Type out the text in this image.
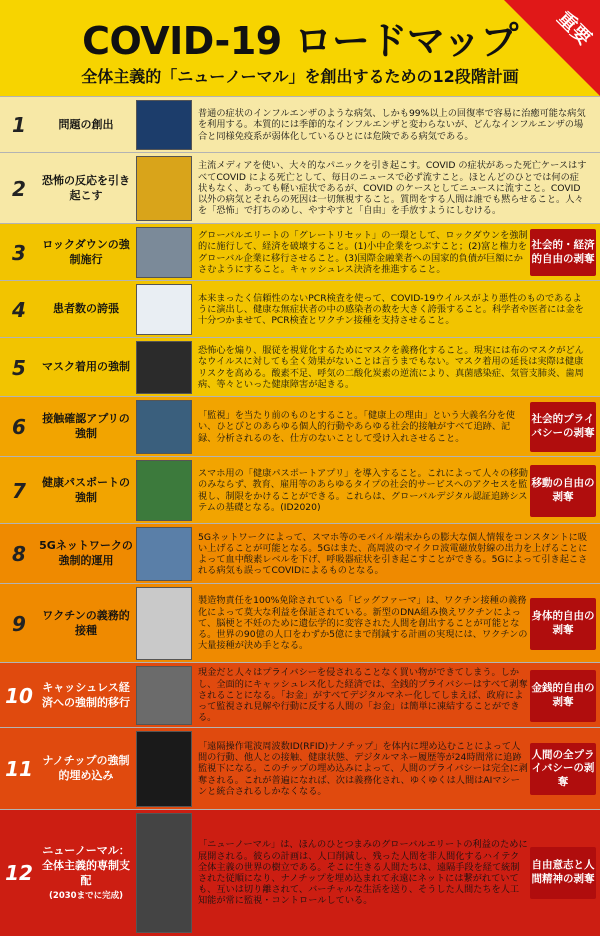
COVID-19 ロードマップ
全体主義的「ニューノーマル」を創出するための12段階計画
重要
1	問題の創出
普通の症状のインフルエンザのような病気、しかも99%以上の回復率で容易に治癒可能な病気を利用する。本質的には季節的なインフルエンザと変わらないが、どんなインフルエンザの場合と同様免疫系が弱体化しているひとには危険である病気である。
2	恐怖の反応を引き起こす
主流メディアを使い、大々的なパニックを引き起こす。COVID の症状があった死亡ケースはすべてCOVID による死亡として、毎日のニュースで必ず流すこと。ほとんどのひとでは何の症状もなく、あっても軽い症状であるが、COVID のケースとしてニュースに流すこと。COVID 以外の病気とそれらの死因は一切無視すること。質問をする人間は誰でも黙らせること。人々を「恐怖」で打ちのめし、やすやすと「自由」を手放すようにしむける。
3	ロックダウンの強制施行
グローバルエリートの「グレートリセット」の一環として、ロックダウンを強制的に施行して、経済を破壊すること。(1)小中企業をつぶすこと；(2)富と権力をグローバル企業に移行させること。(3)国際金融業者への国家的負債が巨額にかさむようにすること。キャッシュレス決済を推進すること。
社会的・経済的自由の剥奪
4	患者数の誇張
本来まったく信頼性のないPCR検査を使って、COVID-19ウイルスがより悪性のものであるように演出し、健康な無症状者の中の感染者の数を大きく誇張すること。科学者や医者には金を十分つかませて、PCR検査とワクチン接種を支持させること。
5	マスク着用の強制
恐怖心を煽り、服従を視覚化するためにマスクを義務化すること。現実には布のマスクがどんなウイルスに対しても全く効果がないことは言うまでもない。マスク着用の延長は実際は健康リスクを高める。酸素不足、呼気の二酸化炭素の逆流により、真菌感染症、気管支肺炎、歯周病、等々といった健康障害が起きる。
6	接触確認アプリの強制
「監視」を当たり前のものとすること。「健康上の理由」という大義名分を使い、ひとびとのあらゆる個人的行動やあらゆる社会的接触がすべて追跡、記録、分析されるのを、仕方のないことして受け入れさせること。
社会的プライバシーの剥奪
7	健康パスポートの強制
スマホ用の「健康パスポートアプリ」を導入すること。これによって人々の移動のみならず、教育、雇用等のあらゆるタイプの社会的サービスへのアクセスを監視し、制限をかけることができる。これらは、グローバルデジタル認証追跡システムの基礎となる。(ID2020)
移動の自由の剥奪
8	5Gネットワークの強制的運用
5Gネットワークによって、スマホ等のモバイル端末からの膨大な個人情報をコンスタントに吸い上げることが可能となる。5Gはまた、高周波のマイクロ波電磁放射線の出力を上げることによって血中酸素レベルを下げ、呼吸器症状を引き起こすことができる。5Gによって引き起こされる病気も誤ってCOVIDによるものとなる。
9	ワクチンの義務的接種
製造物責任を100%免除されている「ビッグファーマ」は、ワクチン接種の義務化によって莫大な利益を保証されている。新型のDNA組み換えワクチンによって、脳梗と不妊のために遺伝学的に変容された人間を創出することが可能となる。世界の90億の人口をわずか5億にまで削減する計画の実現には、ワクチンの大量接種が決め手となる。
身体的自由の剥奪
10 キャッシュレス経済への強制的移行
現金だと人々はプライバシーを侵されることなく買い物ができてしまう。しかし、全面的にキャッシュレス化した経済では、全銭的プライバシーはすべて剥奪されることになる。「お金」がすべてデジタルマネー化してしまえば、政府によって監視され見解や行動に反する人間の「お金」は簡単に凍結することができる。
金銭的自由の剥奪
11 ナノチップの強制的埋め込み
「遠隔操作電波周波数ID(RFID)ナノチップ」を体内に埋め込むことによって人間の行動、他人との接触、健康状態、デジタルマネー履歴等が24時間常に追跡監視下になる。このチップの埋め込みによって、人間のプライバシーは完全に剥奪される。これが普遍になれば、次は義務化され、ゆくゆくは人間はAIマシーンと統合されるしかなくなる。
人間の全プライバシーの剥奪
12
ニューノーマル：全体主義的専制支配
(2030までに完成)
「ニューノーマル」は、ほんのひとつまみのグローバルエリートの利益のために展開される。彼らの計画は、人口削減し、残った人間を非人間化するハイテク全体主義の世界の樹立である。そこに生きる人間たちは、遠隔手段を経て統制された従順になり、ナノチップを埋め込まれて永遠にネットには繋がれていても、互いは切り離されて、バーチャルな生活を送り、そうした人間たちを人工知能が常に監視・コントロールしている。
自由意志と人間精神の剥奪
